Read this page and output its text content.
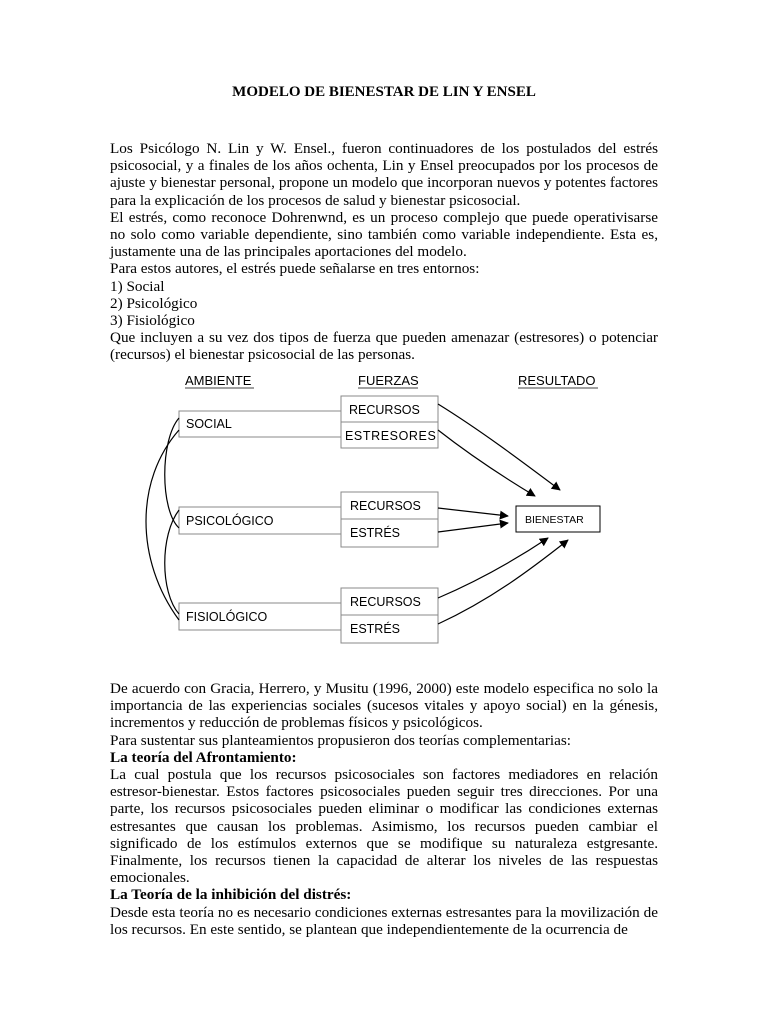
MODELO DE BIENESTAR DE LIN Y ENSEL

Los Psicólogo N. Lin y W. Ensel., fueron continuadores de los postulados del estrés psicosocial, y a finales de los años ochenta, Lin y Ensel preocupados por los procesos de ajuste y bienestar personal, propone un modelo que incorporan nuevos y potentes factores para la explicación de los procesos de salud y bienestar psicosocial.

El estrés, como reconoce Dohrenwnd, es un proceso complejo que puede operativisarse no solo como variable dependiente, sino también como variable independiente. Esta es, justamente una de las principales aportaciones del modelo.

Para estos autores, el estrés puede señalarse en tres entornos:

1) Social

2) Psicológico

3) Fisiológico

Que incluyen a su vez dos tipos de fuerza que pueden amenazar (estresores) o potenciar (recursos) el bienestar psicosocial de las personas.

AMBIENTE	FUERZAS	RESULTADO
SOCIAL
PSICOLÓGICO
FISIOLÓGICO
RECURSOS
ESTRESORES
RECURSOS
ESTRÉS
RECURSOS
ESTRÉS
BIENESTAR

De acuerdo con Gracia, Herrero, y Musitu (1996, 2000) este modelo especifica no solo la importancia de las experiencias sociales (sucesos vitales y apoyo social) en la génesis, incrementos y reducción de problemas físicos y psicológicos.

Para sustentar sus planteamientos propusieron dos teorías complementarias:

La teoría del Afrontamiento:

La cual postula que los recursos psicosociales son factores mediadores en relación estresor-bienestar. Estos factores psicosociales pueden seguir tres direcciones. Por una parte, los recursos psicosociales pueden eliminar o modificar las condiciones externas estresantes que causan los problemas. Asimismo, los recursos pueden cambiar el significado de los estímulos externos que se modifique su naturaleza estgresante. Finalmente, los recursos tienen la capacidad de alterar los niveles de las respuestas emocionales.

La Teoría de la inhibición del distrés:

Desde esta teoría no es necesario condiciones externas estresantes para la movilización de los recursos. En este sentido, se plantean que independientemente de la ocurrencia de
